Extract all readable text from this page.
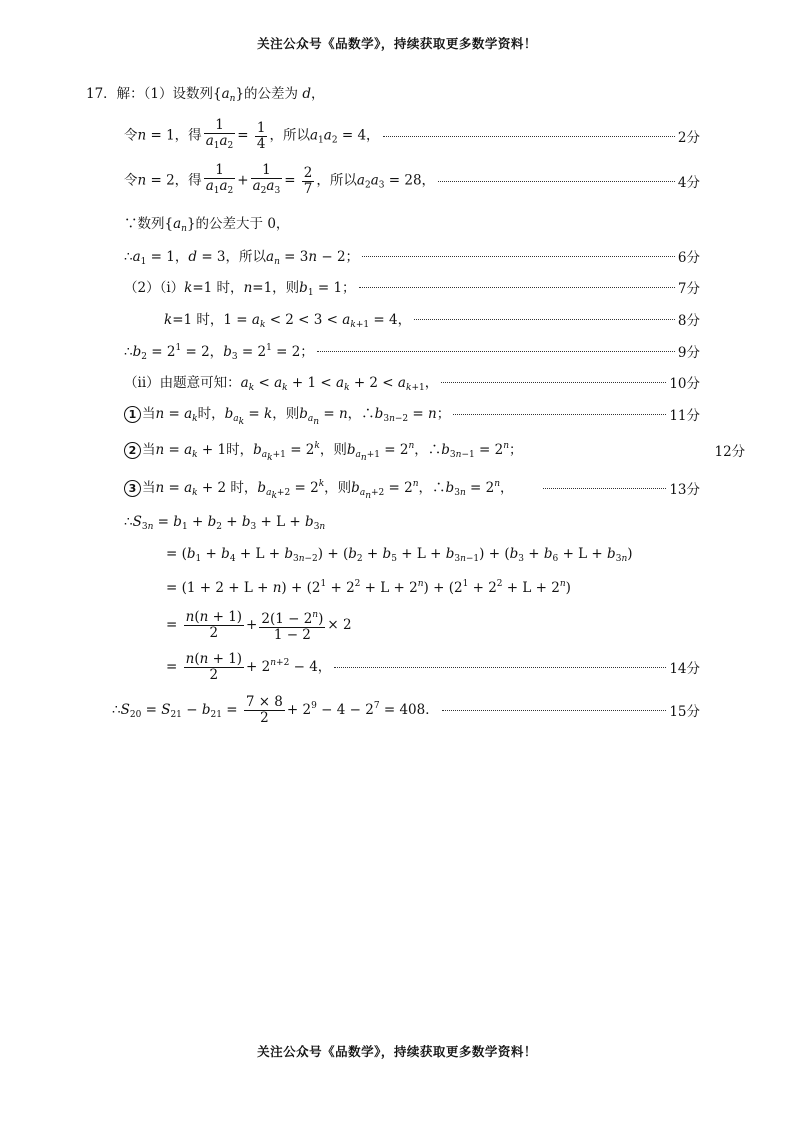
关注公众号《品数学》，持续获取更多数学资料！
17．解：（1）设数列$\{a_n\}$的公差为 d，
令n = 1，得 $\frac{1}{a_1a_2} = \frac{1}{4}$ ，所以$a_1a_2 = 4$，	2分
令n = 2，得 $\frac{1}{a_1a_2} + \frac{1}{a_2a_3} = \frac{2}{7}$ ，所以$a_2a_3 = 28$，	4分
∵数列$\{a_n\}$的公差大于 0，
$\therefore a_1 = 1$，d = 3，所以$a_n = 3n - 2$；	6分
（2）（i）k=1 时，n=1，则$b_1 = 1$；	7分
k=1 时，$1 = a_k < 2 < 3 < a_{k+1} = 4$，	8分
$\therefore b_2 = 2^1 = 2$，$b_3 = 2^1 = 2$；	9分
（ii）由题意可知：$a_k < a_k + 1 < a_k + 2 < a_{k+1}$，	10分
1 当$n = a_k$时，$b_{a_k} = k$，则$b_{a_n} = n$，$\therefore b_{3n-2} = n$；	11分
2 当$n = a_k + 1$时，$b_{a_k+1} = 2^k$，则$b_{a_n+1} = 2^n$，$\therefore b_{3n-1} = 2^n$；	12分
3 当$n = a_k + 2$ 时，$b_{a_k+2} = 2^k$，则$b_{a_n+2} = 2^n$，$\therefore b_{3n} = 2^n$，	13分
$\therefore S_{3n} = b_1 + b_2 + b_3 + L + b_{3n}$
= $(b_1 + b_4 + L + b_{3n-2}) + (b_2 + b_5 + L + b_{3n-1}) + (b_3 + b_6 + L + b_{3n})$
= $(1 + 2 + L + n) + (2^1 + 2^2 + L + 2^n) + (2^1 + 2^2 + L + 2^n)$
= $\frac{n(n + 1)}{2} + \frac{2(1 - 2^n)}{1 - 2} \times 2$
= $\frac{n(n + 1)}{2} + 2^{n+2} - 4$，	14分
$\therefore S_{20} = S_{21} - b_{21} = \frac{7 \times 8}{2} + 2^9 - 4 - 2^7 = 408$．	15分
关注公众号《品数学》，持续获取更多数学资料！
